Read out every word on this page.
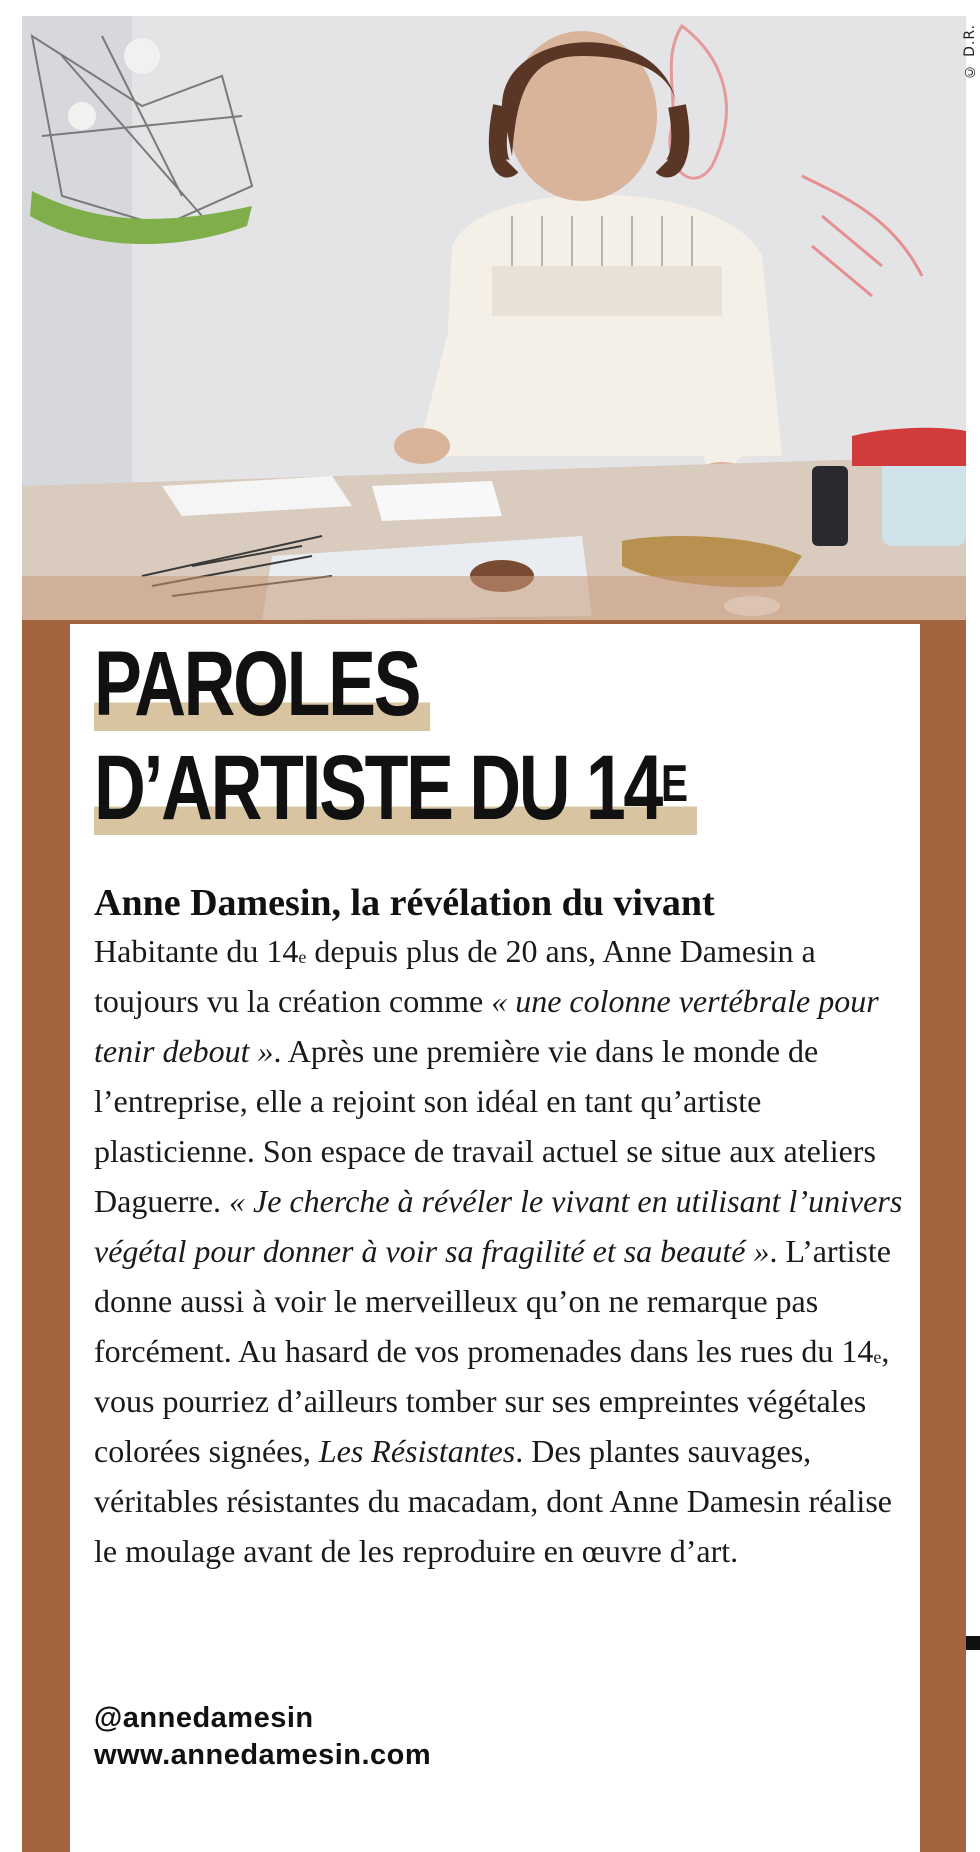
© D.R.
PAROLES
D’ARTISTE DU $14^E$
Anne Damesin, la révélation du vivant

Habitante du 14e depuis plus de 20 ans, Anne Damesin a toujours vu la création comme « une colonne vertébrale pour tenir debout ». Après une première vie dans le monde de l’entreprise, elle a rejoint son idéal en tant qu’artiste plasticienne. Son espace de travail actuel se situe aux ateliers Daguerre. « Je cherche à révéler le vivant en utilisant l’univers végétal pour donner à voir sa fragilité et sa beauté ». L’artiste donne aussi à voir le merveilleux qu’on ne remarque pas forcément. Au hasard de vos promenades dans les rues du 14e, vous pourriez d’ailleurs tomber sur ses empreintes végétales colorées signées, Les Résistantes. Des plantes sauvages, véritables résistantes du macadam, dont Anne Damesin réalise le moulage avant de les reproduire en œuvre d’art.

@annedamesin
www.annedamesin.com
